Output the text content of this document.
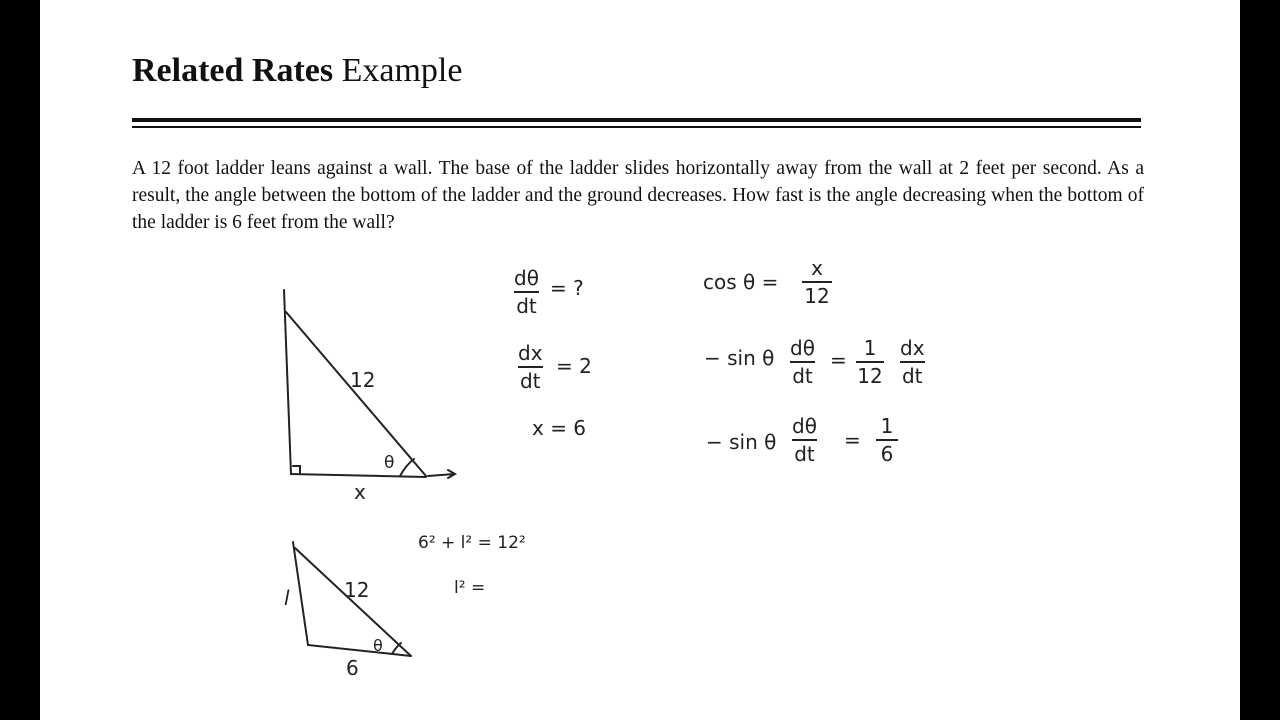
Related Rates Example
A 12 foot ladder leans against a wall. The base of the ladder slides horizontally away from the wall at 2 feet per second. As a result, the angle between the bottom of the ladder and the ground decreases. How fast is the angle decreasing when the bottom of the ladder is 6 feet from the wall?
12
θ
x
l	12
θ
6
6² + l² = 12²
l² =
dθ
dt
= ?
dx
dt
= 2
x = 6
cos θ =
x
12
− sin θ dθ
dt
= 1
12
dx
dt
− sin θ
dθ
dt
=
1
6
